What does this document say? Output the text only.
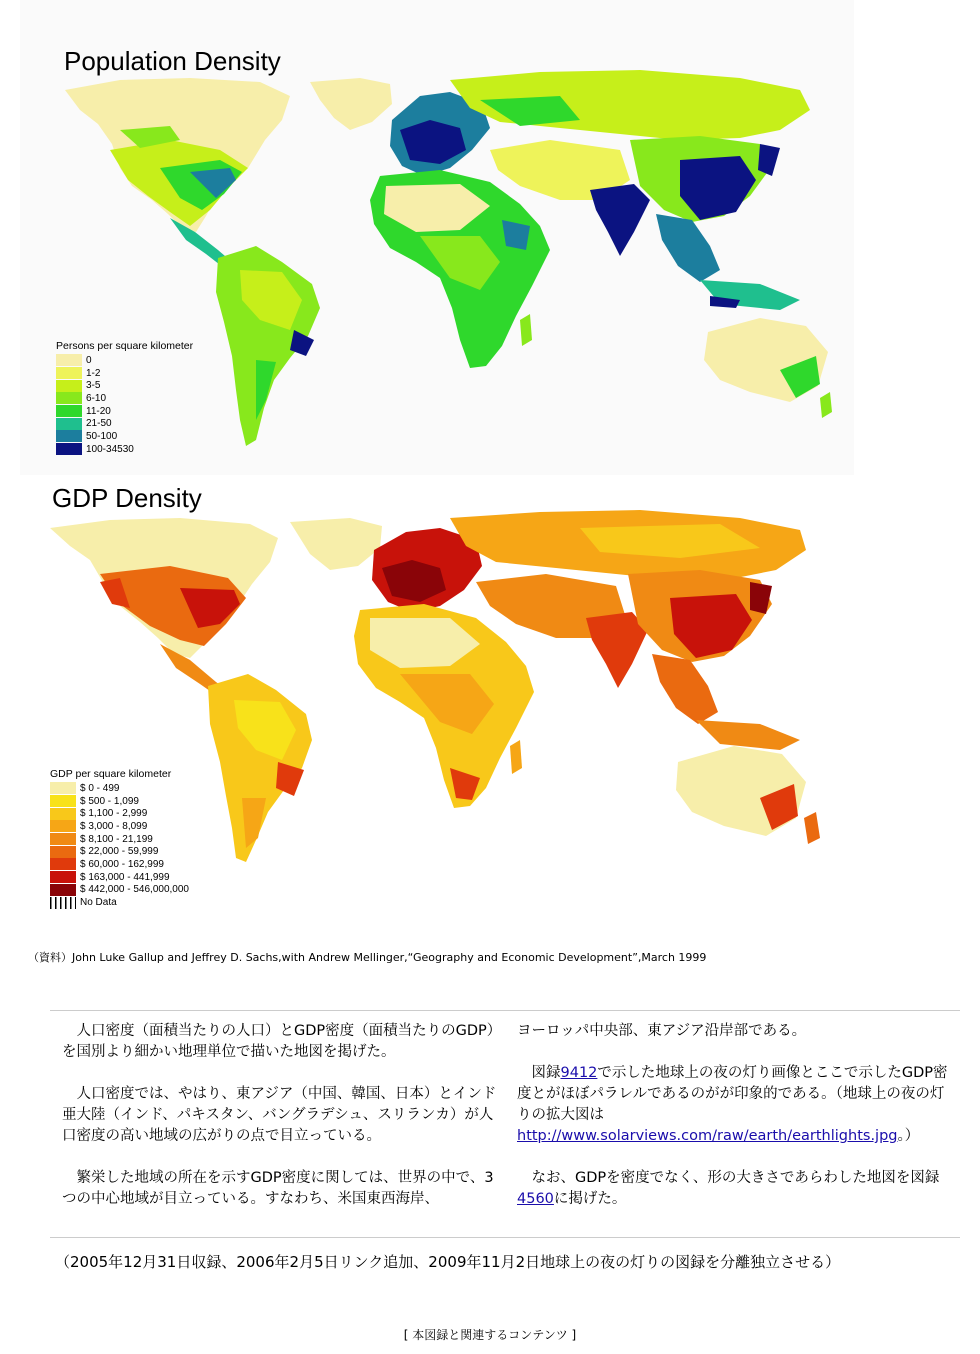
Population Density
Persons per square kilometer
0
1-2
3-5
6-10
11-20
21-50
50-100
100-34530
GDP Density
GDP per square kilometer
$ 0 - 499
$ 500 - 1,099
$ 1,100 - 2,999
$ 3,000 - 8,099
$ 8,100 - 21,199
$ 22,000 - 59,999
$ 60,000 - 162,999
$ 163,000 - 441,999
$ 442,000 - 546,000,000
No Data
（資料）John Luke Gallup and Jeffrey D. Sachs,with Andrew Mellinger,“Geography and Economic Development”,March 1999

人口密度（面積当たりの人口）とGDP密度（面積当たりのGDP）を国別より細かい地理単位で描いた地図を掲げた。

人口密度では、やはり、東アジア（中国、韓国、日本）とインド亜大陸（インド、パキスタン、バングラデシュ、スリランカ）が人口密度の高い地域の広がりの点で目立っている。

繁栄した地域の所在を示すGDP密度に関しては、世界の中で、3つの中心地域が目立っている。すなわち、米国東西海岸、

ヨーロッパ中央部、東アジア沿岸部である。

図録9412で示した地球上の夜の灯り画像とここで示したGDP密度とがほぼパラレルであるのがが印象的である。（地球上の夜の灯りの拡大図はhttp://www.solarviews.com/raw/earth/earthlights.jpg。）

なお、GDPを密度でなく、形の大きさであらわした地図を図録4560に掲げた。

（2005年12月31日収録、2006年2月5日リンク追加、2009年11月2日地球上の夜の灯りの図録を分離独立させる）
[ 本図録と関連するコンテンツ ]
